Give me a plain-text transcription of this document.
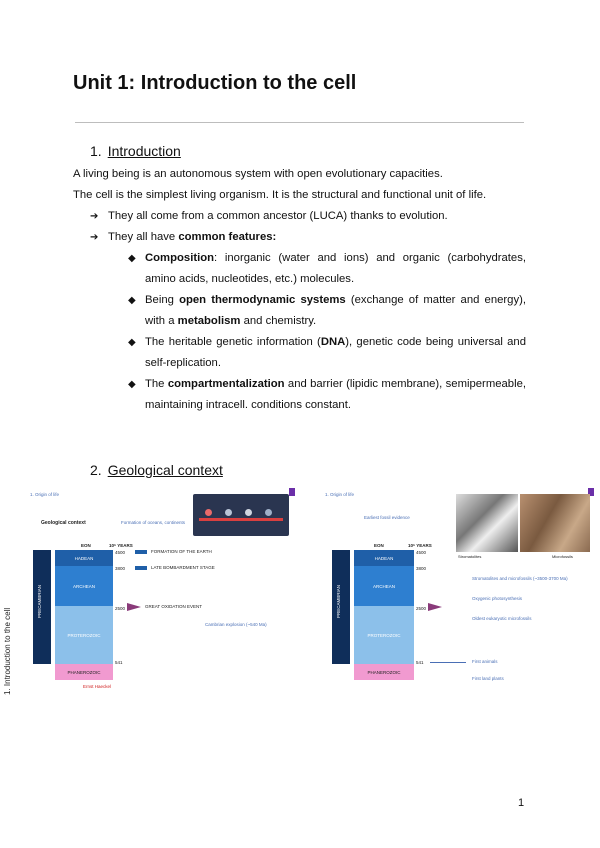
Unit 1: Introduction to the cell
1. Introduction
A living being is an autonomous system with open evolutionary capacities.
The cell is the simplest living organism. It is the structural and functional unit of life.
➔ They all come from a common ancestor (LUCA) thanks to evolution.
➔ They all have common features:
◆ Composition: inorganic (water and ions) and organic (carbohydrates, amino acids, nucleotides, etc.) molecules.
◆ Being open thermodynamic systems (exchange of matter and energy), with a metabolism and chemistry.
◆ The heritable genetic information (DNA), genetic code being universal and self-replication.
◆ The compartmentalization and barrier (lipidic membrane), semipermeable, maintaining intracell. conditions constant.
2. Geological context
1. Introduction to the cell
1. Origin of life
Geological context	Formation of oceans, continents
EON	10⁶ YEARS
PRECAMBRIAN
HADEAN
ARCHEAN
PROTEROZOIC
PHANEROZOIC
4500
3800
2500
541
FORMATION OF THE EARTH
LATE BOMBARDMENT STAGE
GREAT OXIDATION EVENT
Cambrian explosion (~540 Ma)
Ernst Haeckel
1. Origin of life
Earliest fossil evidence
Stromatolites	Microfossils
EON	10⁶ YEARS
PRECAMBRIAN
HADEAN
ARCHEAN
PROTEROZOIC
PHANEROZOIC
4500
3800
2500
541
Stromatolites and microfossils (~3500-3700 Ma)
Oxygenic photosynthesis
Oldest eukaryotic microfossils
First animals
First land plants
1
